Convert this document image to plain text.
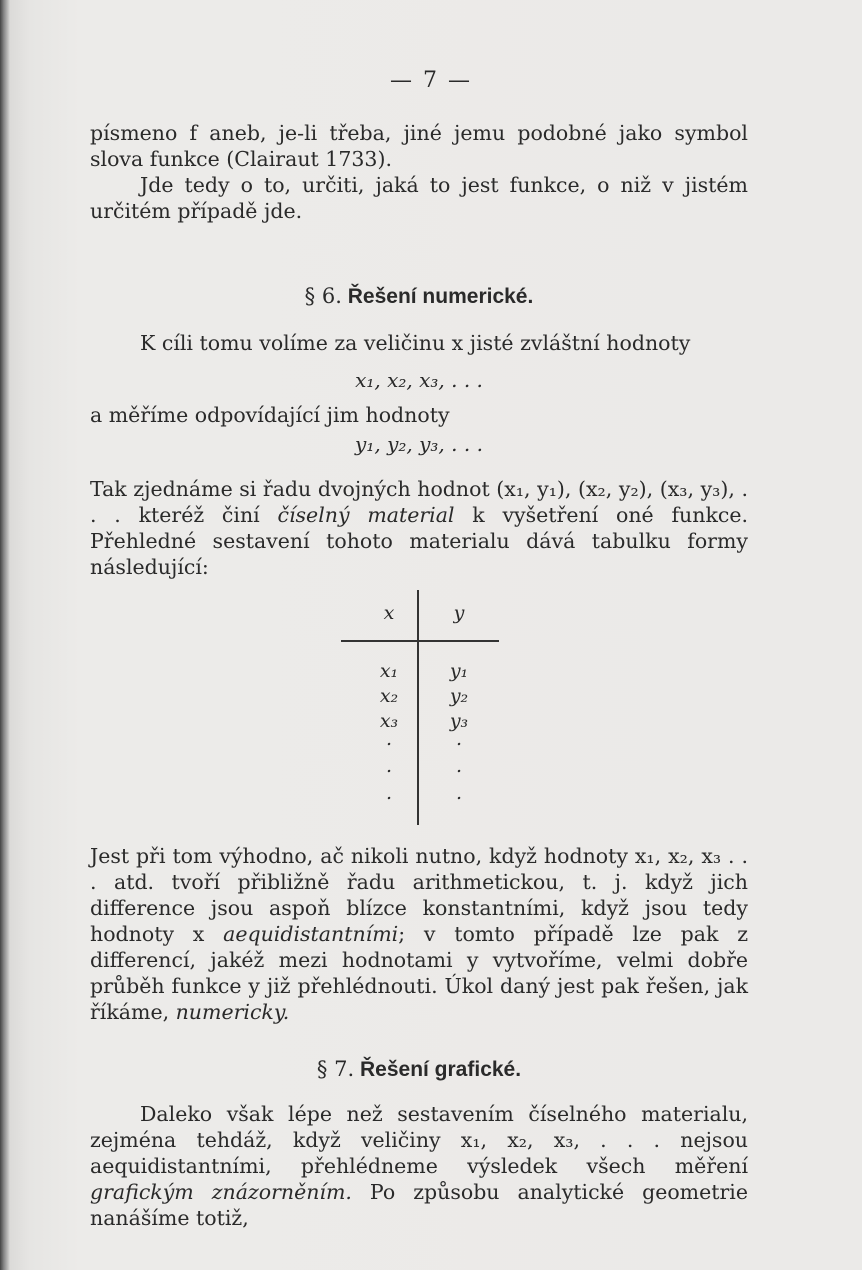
— 7 —

písmeno f aneb, je-li třeba, jiné jemu podobné jako symbol slova funkce (Clairaut 1733).

Jde tedy o to, určiti, jaká to jest funkce, o niž v jistém určitém případě jde.

§ 6. Řešení numerické.

K cíli tomu volíme za veličinu x jisté zvláštní hodnoty

x₁, x₂, x₃, . . .

a měříme odpovídající jim hodnoty

y₁, y₂, y₃, . . .

Tak zjednáme si řadu dvojných hodnot (x₁, y₁), (x₂, y₂), (x₃, y₃), . . . kteréž činí číselný material k vyšetření oné funkce. Přehledné sestavení tohoto materialu dává tabulku formy následující:

x	y
x₁	y₁
x₂	y₂
x₃	y₃
.	.
.	.
.	.

Jest při tom výhodno, ač nikoli nutno, když hodnoty x₁, x₂, x₃ . . . atd. tvoří přibližně řadu arithmetickou, t. j. když jich difference jsou aspoň blízce konstantními, když jsou tedy hodnoty x aequidistantními; v tomto případě lze pak z differencí, jakéž mezi hodnotami y vytvoříme, velmi dobře průběh funkce y již přehlédnouti. Úkol daný jest pak řešen, jak říkáme, numericky.

§ 7. Řešení grafické.

Daleko však lépe než sestavením číselného materialu, zejména tehdáž, když veličiny x₁, x₂, x₃, . . . nejsou aequidistantními, přehlédneme výsledek všech měření grafickým znázorněním. Po způsobu analytické geometrie nanášíme totiž,
